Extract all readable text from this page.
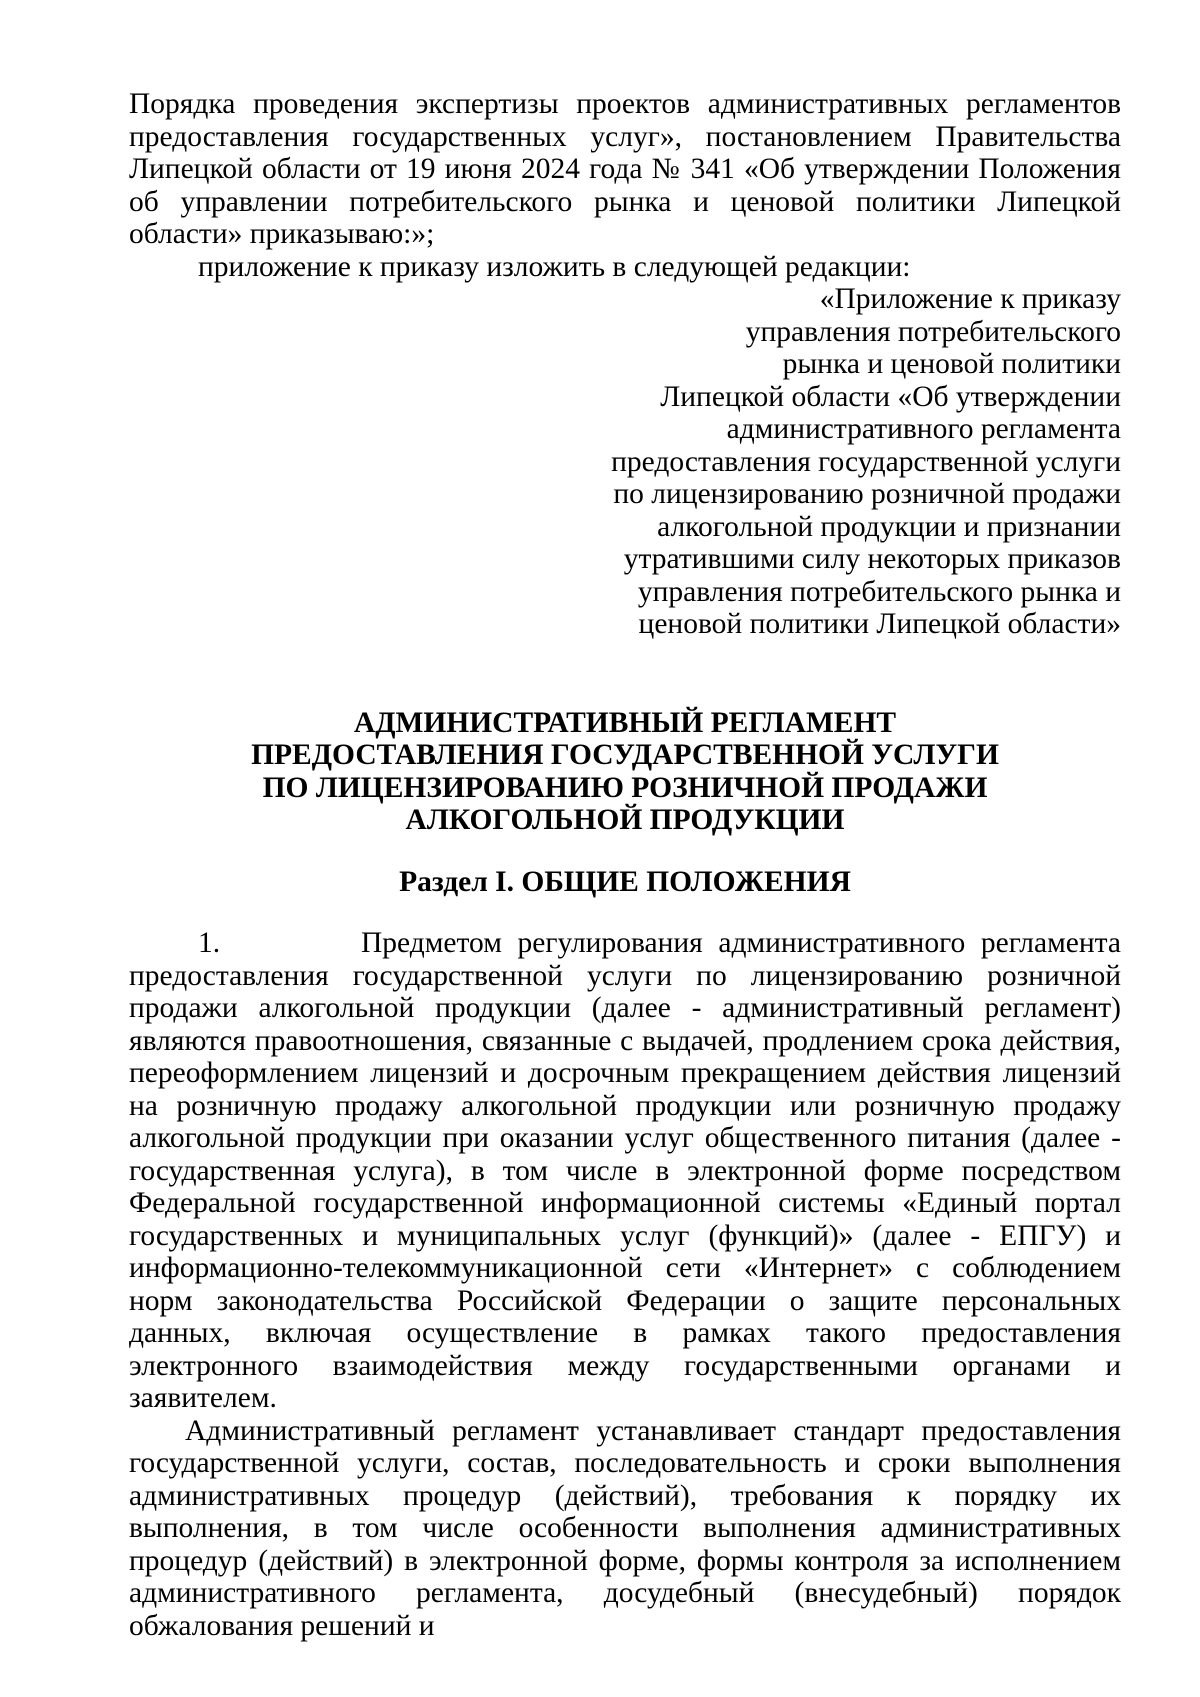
Порядка проведения экспертизы проектов административных регламентов предоставления государственных услуг», постановлением Правительства Липецкой области от 19 июня 2024 года № 341 «Об утверждении Положения об управлении потребительского рынка и ценовой политики Липецкой области» приказываю:»;

приложение к приказу изложить в следующей редакции:

«Приложение к приказу
управления потребительского
рынка и ценовой политики
Липецкой области «Об утверждении
административного регламента
предоставления государственной услуги
по лицензированию розничной продажи
алкогольной продукции и признании
утратившими силу некоторых приказов
управления потребительского рынка и
ценовой политики Липецкой области»
АДМИНИСТРАТИВНЫЙ РЕГЛАМЕНТ
ПРЕДОСТАВЛЕНИЯ ГОСУДАРСТВЕННОЙ УСЛУГИ
ПО ЛИЦЕНЗИРОВАНИЮ РОЗНИЧНОЙ ПРОДАЖИ
АЛКОГОЛЬНОЙ ПРОДУКЦИИ

Раздел I. ОБЩИЕ ПОЛОЖЕНИЯ

1.	Предметом регулирования административного регламента предоставления государственной услуги по лицензированию розничной продажи алкогольной продукции (далее - административный регламент) являются правоотношения, связанные с выдачей, продлением срока действия, переоформлением лицензий и досрочным прекращением действия лицензий на розничную продажу алкогольной продукции или розничную продажу алкогольной продукции при оказании услуг общественного питания (далее - государственная услуга), в том числе в электронной форме посредством Федеральной государственной информационной системы «Единый портал государственных и муниципальных услуг (функций)» (далее - ЕПГУ) и информационно-телекоммуникационной сети «Интернет» с соблюдением норм законодательства Российской Федерации о защите персональных данных, включая осуществление в рамках такого предоставления электронного взаимодействия между государственными органами и заявителем.

Административный регламент устанавливает стандарт предоставления государственной услуги, состав, последовательность и сроки выполнения административных процедур (действий), требования к порядку их выполнения, в том числе особенности выполнения административных процедур (действий) в электронной форме, формы контроля за исполнением административного регламента, досудебный (внесудебный) порядок обжалования решений и
